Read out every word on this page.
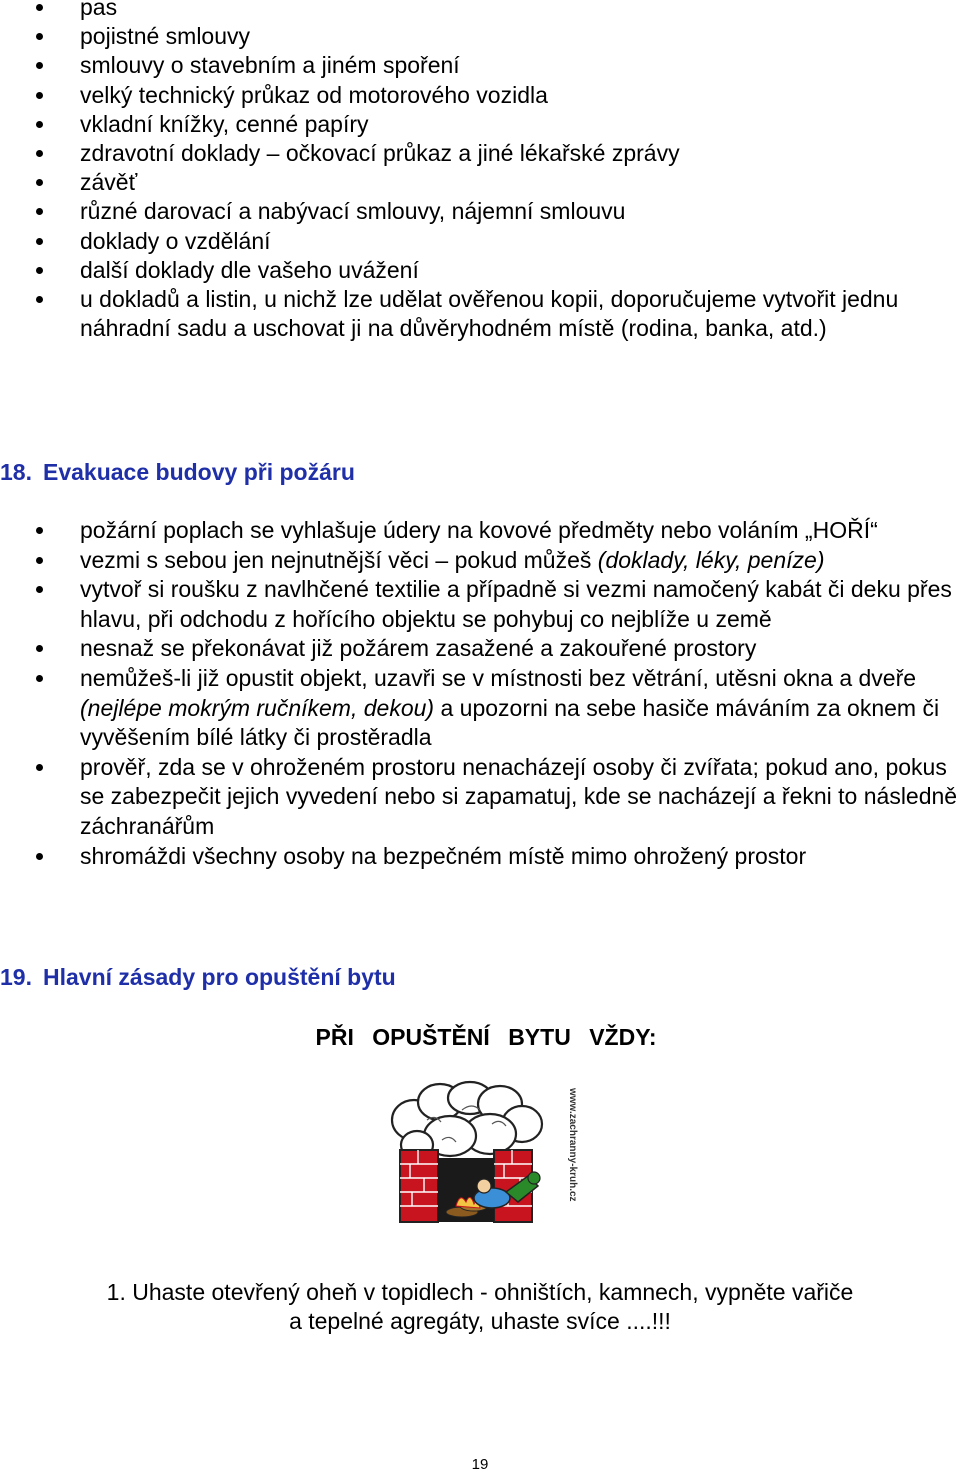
pas
pojistné smlouvy
smlouvy o stavebním a jiném spoření
velký technický průkaz od motorového vozidla
vkladní knížky, cenné papíry
zdravotní doklady – očkovací průkaz a jiné lékařské zprávy
závěť
různé darovací a nabývací smlouvy, nájemní smlouvu
doklady o vzdělání
další doklady dle vašeho uvážení
u dokladů a listin, u nichž lze udělat ověřenou kopii, doporučujeme vytvořit jednu náhradní sadu a uschovat ji na důvěryhodném místě (rodina, banka, atd.)
18. Evakuace budovy při požáru
požární poplach se vyhlašuje údery na kovové předměty nebo voláním „HOŘÍ“
vezmi s sebou jen nejnutnější věci – pokud můžeš (doklady, léky, peníze)
vytvoř si roušku z navlhčené textilie a případně si vezmi namočený kabát či deku přes hlavu, při odchodu z hořícího objektu se pohybuj co nejblíže u země
nesnaž se překonávat již požárem zasažené a zakouřené prostory
nemůžeš-li již opustit objekt, uzavři se v místnosti bez větrání, utěsni okna a dveře (nejlépe mokrým ručníkem, dekou) a upozorni na sebe hasiče máváním za oknem či vyvěšením bílé látky či prostěradla
prověř, zda se v ohroženém prostoru nenacházejí osoby či zvířata; pokud ano, pokus se zabezpečit jejich vyvedení nebo si zapamatuj, kde se nacházejí a řekni to následně záchranářům
shromáždi všechny osoby na bezpečném místě mimo ohrožený prostor
19. Hlavní zásady pro opuštění bytu
PŘI OPUŠTĚNÍ BYTU VŽDY:
www.zachranny-kruh.cz
1. Uhaste otevřený oheň v topidlech - ohništích, kamnech, vypněte vařiče
a tepelné agregáty, uhaste svíce ....!!!
19
